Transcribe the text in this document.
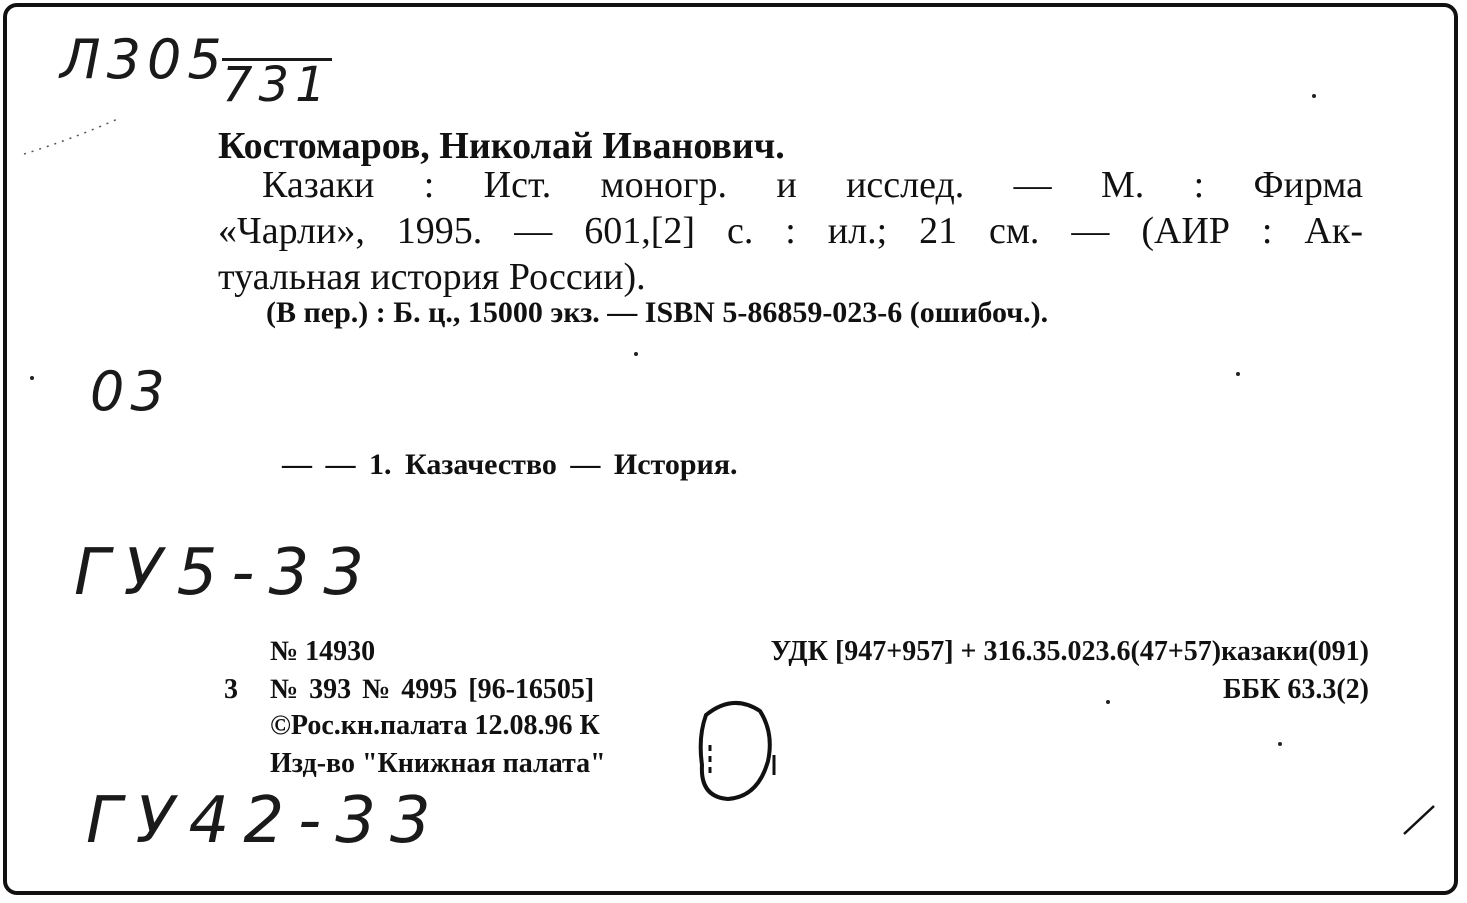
Л305
731
03
ГУ5-33
ГУ42-33
Костомаров, Николай Иванович.
Казаки : Ист. моногр. и исслед. — М. : Фирма
«Чарли», 1995. — 601,[2] с. : ил.; 21 см. — (АИР : Ак-
туальная история России).
(В пер.) : Б. ц., 15000 экз. — ISBN 5-86859-023-6 (ошибоч.).
— — 1. Казачество — История.
№ 14930	УДК [947+957] + 316.35.023.6(47+57)казаки(091)
3 № 393 № 4995 [96-16505]	ББК 63.3(2)
©Рос.кн.палата 12.08.96 К
Изд-во "Книжная палата"
